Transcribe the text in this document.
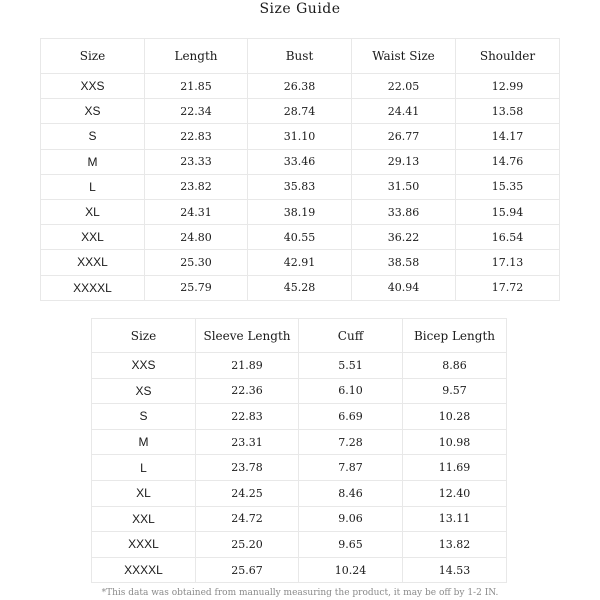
Size Guide
Size	Length	Bust	Waist Size	Shoulder
XXS	21.85	26.38	22.05	12.99
XS	22.34	28.74	24.41	13.58
S	22.83	31.10	26.77	14.17
M	23.33	33.46	29.13	14.76
L	23.82	35.83	31.50	15.35
XL	24.31	38.19	33.86	15.94
XXL	24.80	40.55	36.22	16.54
XXXL	25.30	42.91	38.58	17.13
XXXXL	25.79	45.28	40.94	17.72
Size	Sleeve Length	Cuff	Bicep Length
XXS	21.89	5.51	8.86
XS	22.36	6.10	9.57
S	22.83	6.69	10.28
M	23.31	7.28	10.98
L	23.78	7.87	11.69
XL	24.25	8.46	12.40
XXL	24.72	9.06	13.11
XXXL	25.20	9.65	13.82
XXXXL	25.67	10.24	14.53
*This data was obtained from manually measuring the product, it may be off by 1-2 IN.
